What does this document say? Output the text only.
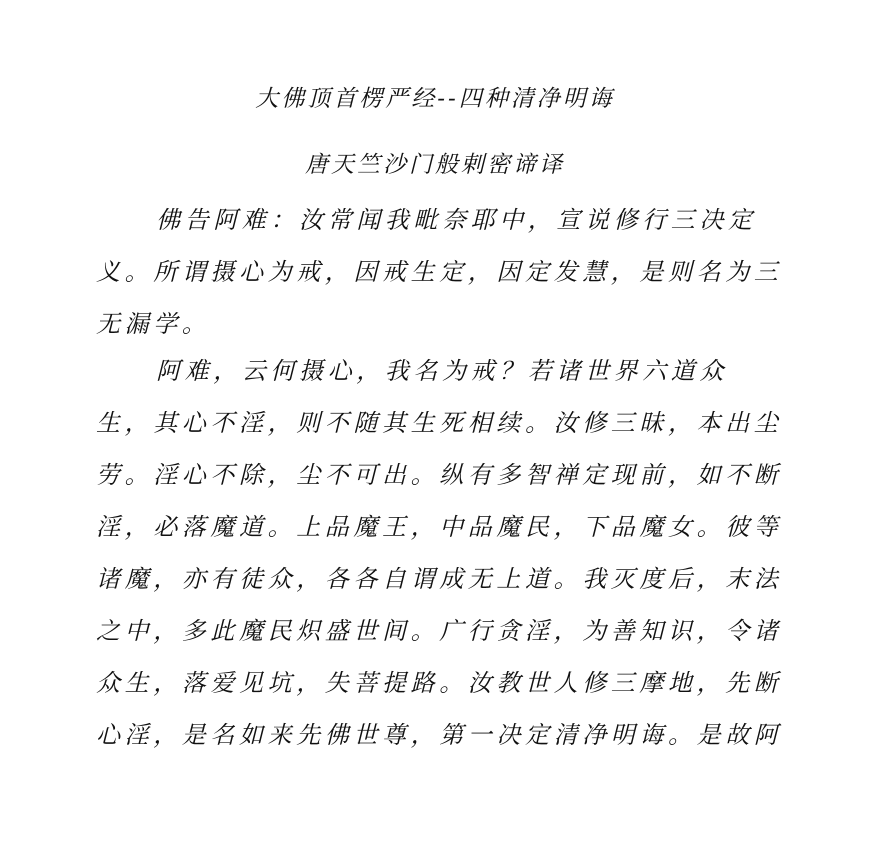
大佛顶首楞严经--四种清净明诲
唐天竺沙门般剌密谛译

佛告阿难：汝常闻我毗奈耶中，宣说修行三决定义。所谓摄心为戒，因戒生定，因定发慧，是则名为三无漏学。

阿难，云何摄心，我名为戒？若诸世界六道众生，其心不淫，则不随其生死相续。汝修三昧，本出尘劳。淫心不除，尘不可出。纵有多智禅定现前，如不断淫，必落魔道。上品魔王，中品魔民，下品魔女。彼等诸魔，亦有徒众，各各自谓成无上道。我灭度后，末法之中，多此魔民炽盛世间。广行贪淫，为善知识，令诸众生，落爱见坑，失菩提路。汝教世人修三摩地，先断心淫，是名如来先佛世尊，第一决定清净明诲。是故阿
